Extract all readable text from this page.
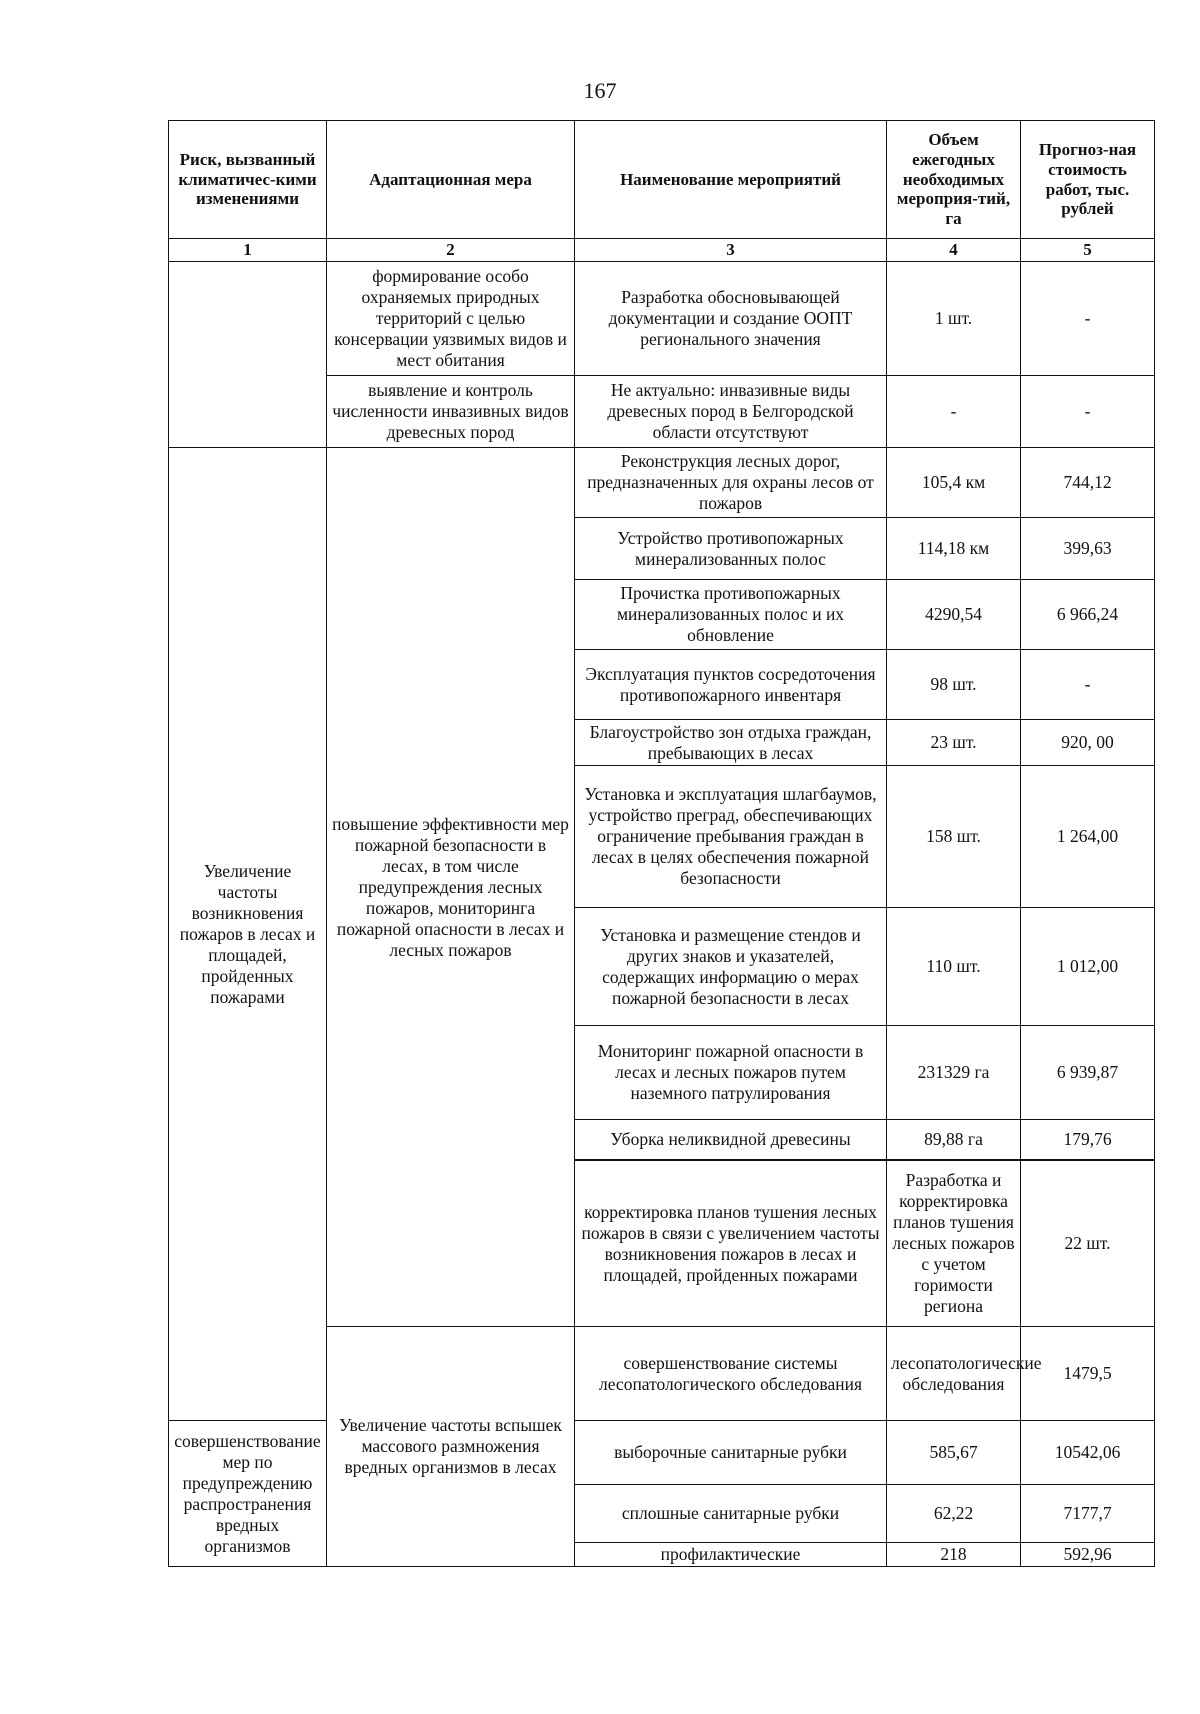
167
Риск, вызванный климатичес-кими изменениями	Адаптационная мера	Наименование мероприятий	Объем ежегодных необходимых мероприя-тий, га	Прогноз-ная стоимость работ, тыс. рублей	
1	2	3	4	5	
	формирование особо охраняемых природных территорий с целью консервации уязвимых видов и мест обитания	Разработка обосновывающей документации и создание ООПТ регионального значения	1 шт.	-	
	выявление и контроль численности инвазивных видов древесных пород	Не актуально: инвазивные виды древесных пород в Белгородской области отсутствуют	-	-	
Увеличение частоты возникновения пожаров в лесах и площадей, пройденных пожарами	повышение эффективности мер пожарной безопасности в лесах, в том числе предупреждения лесных пожаров, мониторинга пожарной опасности в лесах и лесных пожаров	Реконструкция лесных дорог, предназначенных для охраны лесов от пожаров	105,4 км	744,12	
		Устройство противопожарных минерализованных полос	114,18 км	399,63	
		Прочистка противопожарных минерализованных полос и их обновление	4290,54	6 966,24	
		Эксплуатация пунктов сосредоточения противопожарного инвентаря	98 шт.	-	
		Благоустройство зон отдыха граждан, пребывающих в лесах	23 шт.	920, 00	
		Установка и эксплуатация шлагбаумов, устройство преград, обеспечивающих ограничение пребывания граждан в лесах в целях обеспечения пожарной безопасности	158 шт.	1 264,00	
		Установка и размещение стендов и других знаков и указателей, содержащих информацию о мерах пожарной безопасности в лесах	110 шт.	1 012,00	
		Мониторинг пожарной опасности в лесах и лесных пожаров путем наземного патрулирования	231329 га	6 939,87	
		Уборка неликвидной древесины	89,88 га	179,76	

		корректировка планов тушения лесных пожаров в связи с увеличением частоты возникновения пожаров в лесах и площадей, пройденных пожарами	Разработка и корректировка планов тушения лесных пожаров с учетом горимости региона	22 шт.	
	Увеличение частоты вспышек массового размножения вредных организмов в лесах	совершенствование системы лесопатологического обследования	лесопатологические обследования	1479,5	
совершенствование мер по предупреждению распространения вредных организмов		выборочные санитарные рубки	585,67	10542,06	
		сплошные санитарные рубки	62,22	7177,7	
		профилактические	218	592,96	
